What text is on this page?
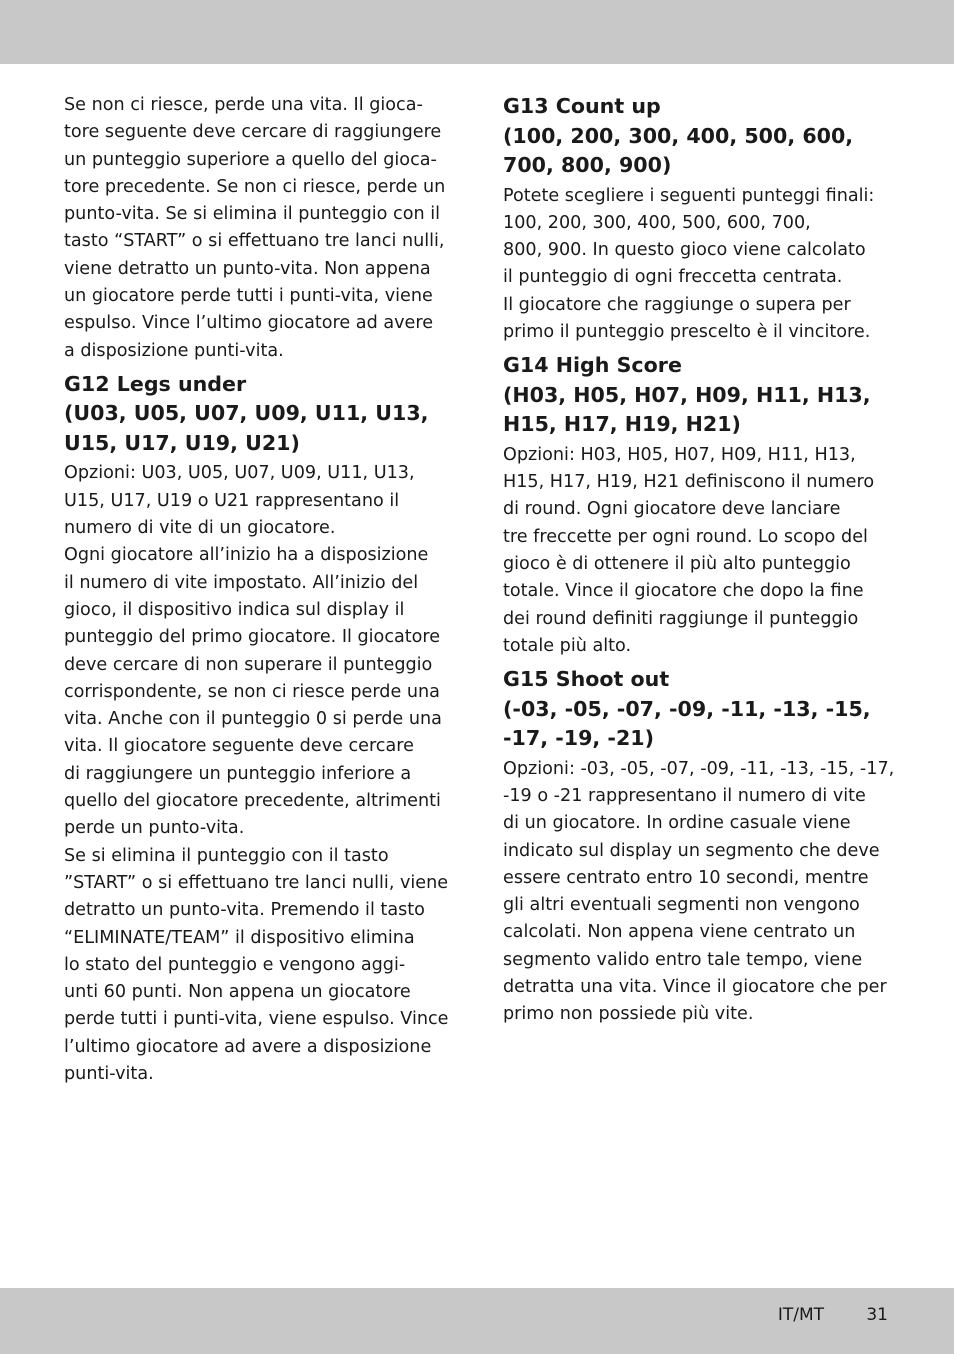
Se non ci riesce, perde una vita. Il gioca-
tore seguente deve cercare di raggiungere
un punteggio superiore a quello del gioca-
tore precedente. Se non ci riesce, perde un
punto-vita. Se si elimina il punteggio con il
tasto “START” o si effettuano tre lanci nulli,
viene detratto un punto-vita. Non appena
un giocatore perde tutti i punti-vita, viene
espulso. Vince l’ultimo giocatore ad avere
a disposizione punti-vita.
G12 Legs under
(U03, U05, U07, U09, U11, U13,
U15, U17, U19, U21)
Opzioni: U03, U05, U07, U09, U11, U13,
U15, U17, U19 o U21 rappresentano il
numero di vite di un giocatore.
Ogni giocatore all’inizio ha a disposizione
il numero di vite impostato. All’inizio del
gioco, il dispositivo indica sul display il
punteggio del primo giocatore. Il giocatore
deve cercare di non superare il punteggio
corrispondente, se non ci riesce perde una
vita. Anche con il punteggio 0 si perde una
vita. Il giocatore seguente deve cercare
di raggiungere un punteggio inferiore a
quello del giocatore precedente, altrimenti
perde un punto-vita.
Se si elimina il punteggio con il tasto
”START” o si effettuano tre lanci nulli, viene
detratto un punto-vita. Premendo il tasto
“ELIMINATE/TEAM” il dispositivo elimina
lo stato del punteggio e vengono aggi-
unti 60 punti. Non appena un giocatore
perde tutti i punti-vita, viene espulso. Vince
l’ultimo giocatore ad avere a disposizione
punti-vita.
G13 Count up
(100, 200, 300, 400, 500, 600,
700, 800, 900)
Potete scegliere i seguenti punteggi finali:
100, 200, 300, 400, 500, 600, 700,
800, 900. In questo gioco viene calcolato
il punteggio di ogni freccetta centrata.
Il giocatore che raggiunge o supera per
primo il punteggio prescelto è il vincitore.
G14 High Score
(H03, H05, H07, H09, H11, H13,
H15, H17, H19, H21)
Opzioni: H03, H05, H07, H09, H11, H13,
H15, H17, H19, H21 definiscono il numero
di round. Ogni giocatore deve lanciare
tre freccette per ogni round. Lo scopo del
gioco è di ottenere il più alto punteggio
totale. Vince il giocatore che dopo la fine
dei round definiti raggiunge il punteggio
totale più alto.
G15 Shoot out
(-03, -05, -07, -09, -11, -13, -15,
-17, -19, -21)
Opzioni: -03, -05, -07, -09, -11, -13, -15, -17,
-19 o -21 rappresentano il numero di vite
di un giocatore. In ordine casuale viene
indicato sul display un segmento che deve
essere centrato entro 10 secondi, mentre
gli altri eventuali segmenti non vengono
calcolati. Non appena viene centrato un
segmento valido entro tale tempo, viene
detratta una vita. Vince il giocatore che per
primo non possiede più vite.
IT/MT 31
